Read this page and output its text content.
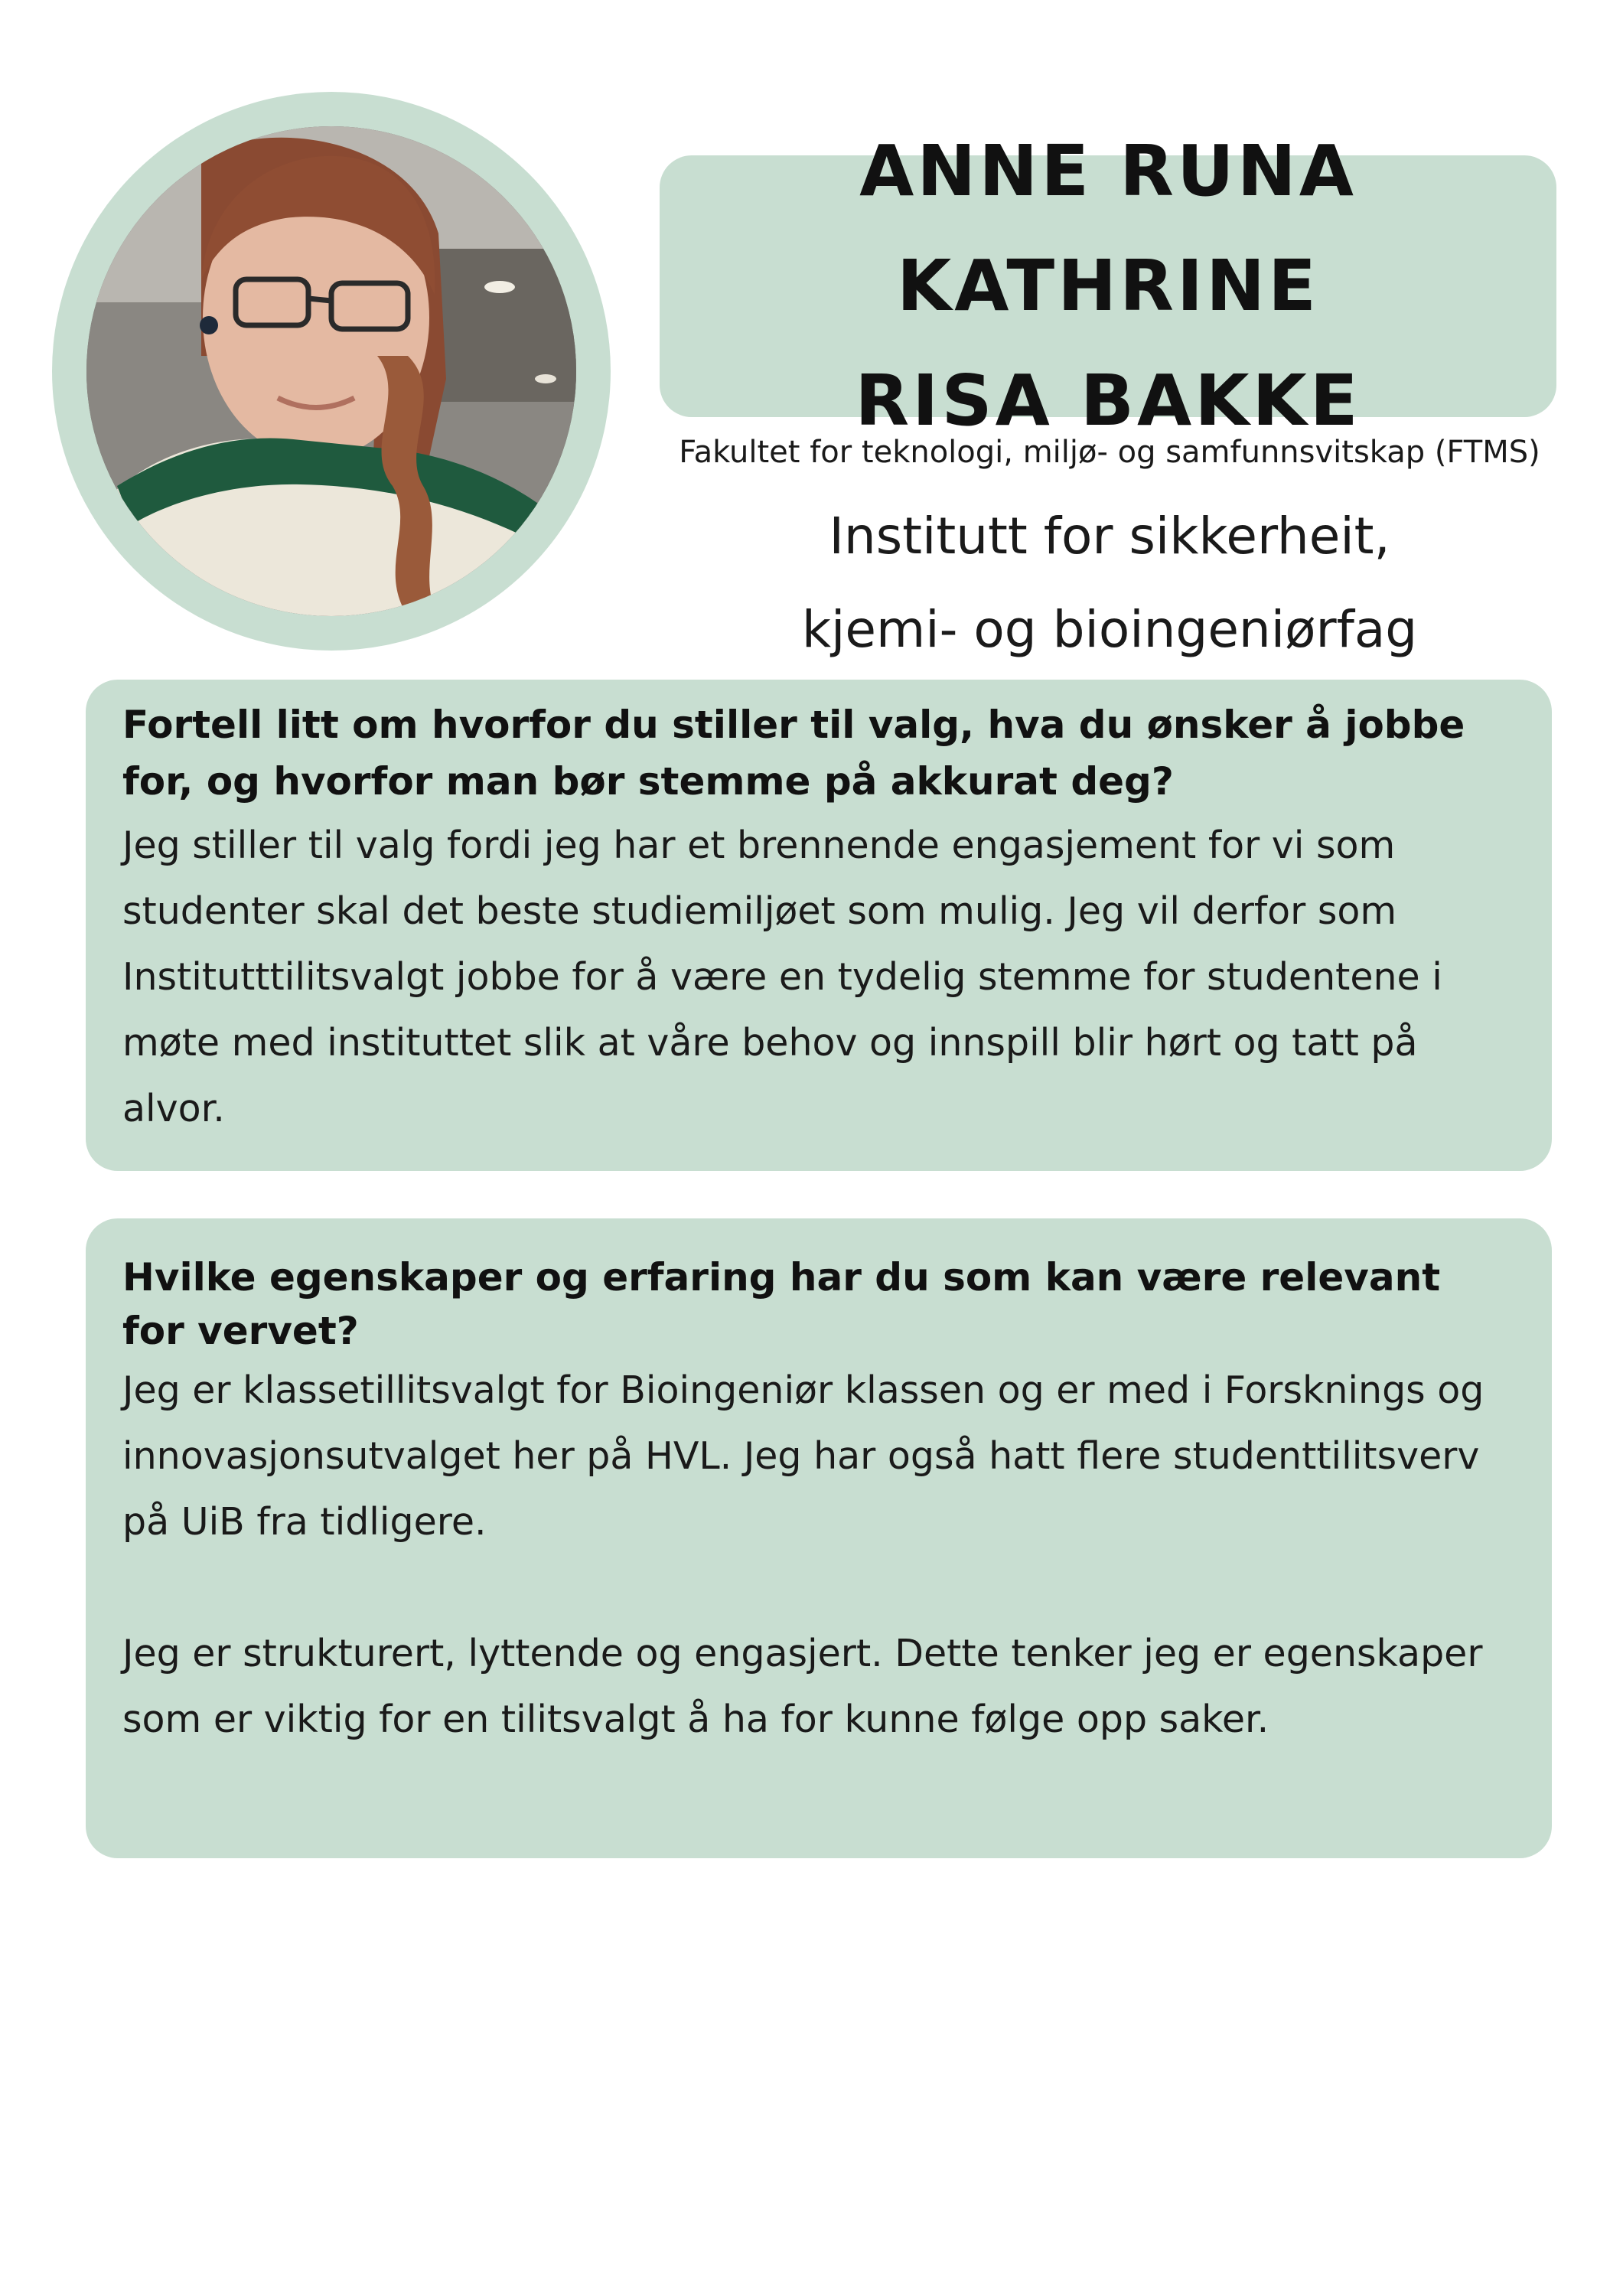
ANNE RUNA KATHRINE
RISA BAKKE
Fakultet for teknologi, miljø- og samfunnsvitskap (FTMS)
Institutt for sikkerheit,
kjemi- og bioingeniørfag

Fortell litt om hvorfor du stiller til valg, hva du ønsker å jobbe for, og hvorfor man bør stemme på akkurat deg?

Jeg stiller til valg fordi jeg har et brennende engasjement for vi som studenter skal det beste studiemiljøet som mulig. Jeg vil derfor som Institutttilitsvalgt jobbe for å være en tydelig stemme for studentene i møte med instituttet slik at våre behov og innspill blir hørt og tatt på alvor.

Hvilke egenskaper og erfaring har du som kan være relevant for vervet?

Jeg er klassetillitsvalgt for Bioingeniør klassen og er med i Forsknings og innovasjonsutvalget her på HVL. Jeg har også hatt flere studenttilitsverv på UiB fra tidligere.

Jeg er strukturert, lyttende og engasjert. Dette tenker jeg er egenskaper som er viktig for en tilitsvalgt å ha for kunne følge opp saker.
